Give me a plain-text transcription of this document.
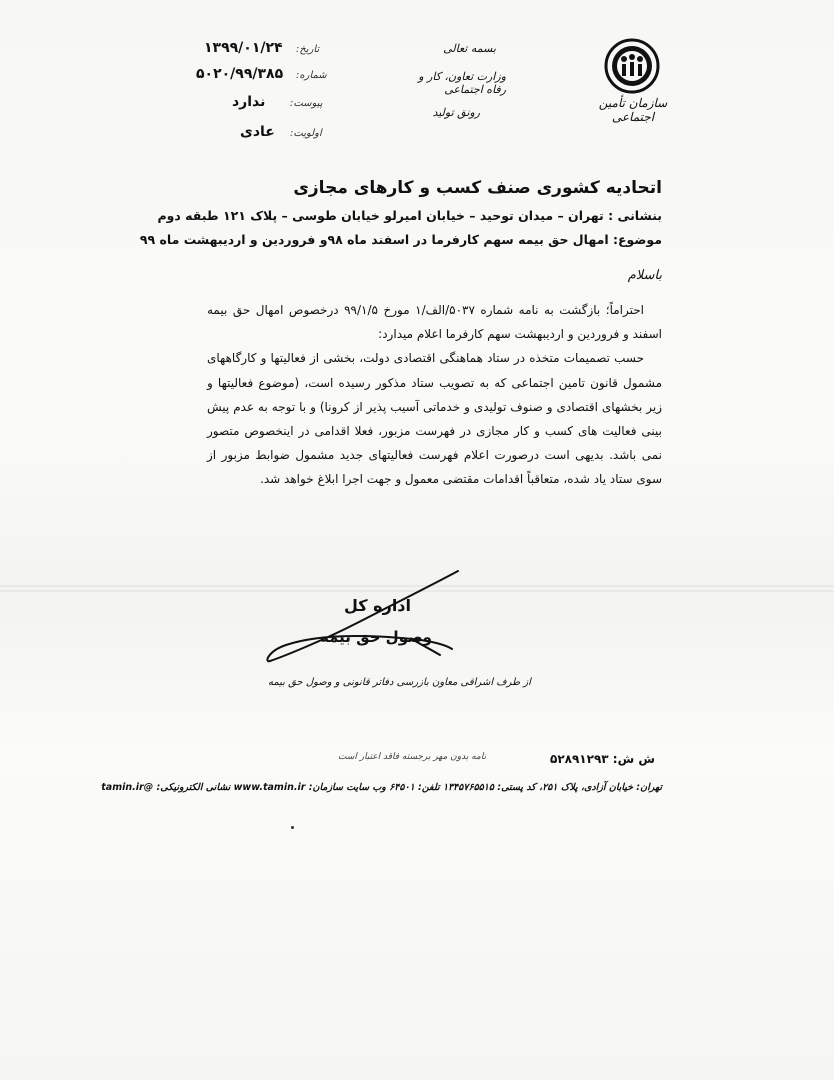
سازمان تأمین اجتماعی
بسمه تعالی
وزارت تعاون، کار و رفاه اجتماعی
رونق تولید
تاریخ:
۱۳۹۹/۰۱/۲۴
شماره:
۵۰۲۰/۹۹/۳۸۵
پیوست:
ندارد
اولویت:
عادی
اتحادیه کشوری صنف کسب و کارهای مجازی
بنشانی : تهران – میدان توحید – خیابان امیرلو خیابان طوسی – پلاک ۱۲۱ طبقه دوم
موضوع: امهال حق بیمه سهم کارفرما در اسفند ماه ۹۸و فروردین و اردیبهشت ماه ۹۹
باسلام

احتراماً؛ بازگشت به نامه شماره ۵۰۳۷/الف/۱ مورخ ۹۹/۱/۵ درخصوص امهال حق بیمه اسفند و فروردین و اردیبهشت سهم کارفرما اعلام میدارد:

حسب تصمیمات متخذه در ستاد هماهنگی اقتصادی دولت، بخشی از فعالیتها و کارگاههای مشمول قانون تامین اجتماعی که به تصویب ستاد مذکور رسیده است، (موضوع فعالیتها و زیر بخشهای اقتصادی و صنوف تولیدی و خدماتی آسیب پذیر از کرونا) و با توجه به عدم پیش بینی فعالیت های کسب و کار مجازی در فهرست مزبور، فعلا اقدامی در اینخصوص متصور نمی باشد. بدیهی است درصورت اعلام فهرست فعالیتهای جدید مشمول ضوابط مزبور از سوی ستاد یاد شده، متعاقباً اقدامات مقتضی معمول و جهت اجرا ابلاغ خواهد شد.

اداره کل
وصول حق بیمه
از طرف اشراقی معاون بازرسی دفاتر قانونی و وصول حق بیمه
نامه بدون مهر برجسته فاقد اعتبار است	ش ش: ۵۲۸۹۱۲۹۳
تهران: خیابان آزادی، پلاک ۲۵۱، کد پستی: ۱۳۴۵۷۶۵۵۱۵ تلفن: ۶۴۵۰۱ وب سایت سازمان: www.tamin.ir نشانی الکترونیکی: @tamin.ir
